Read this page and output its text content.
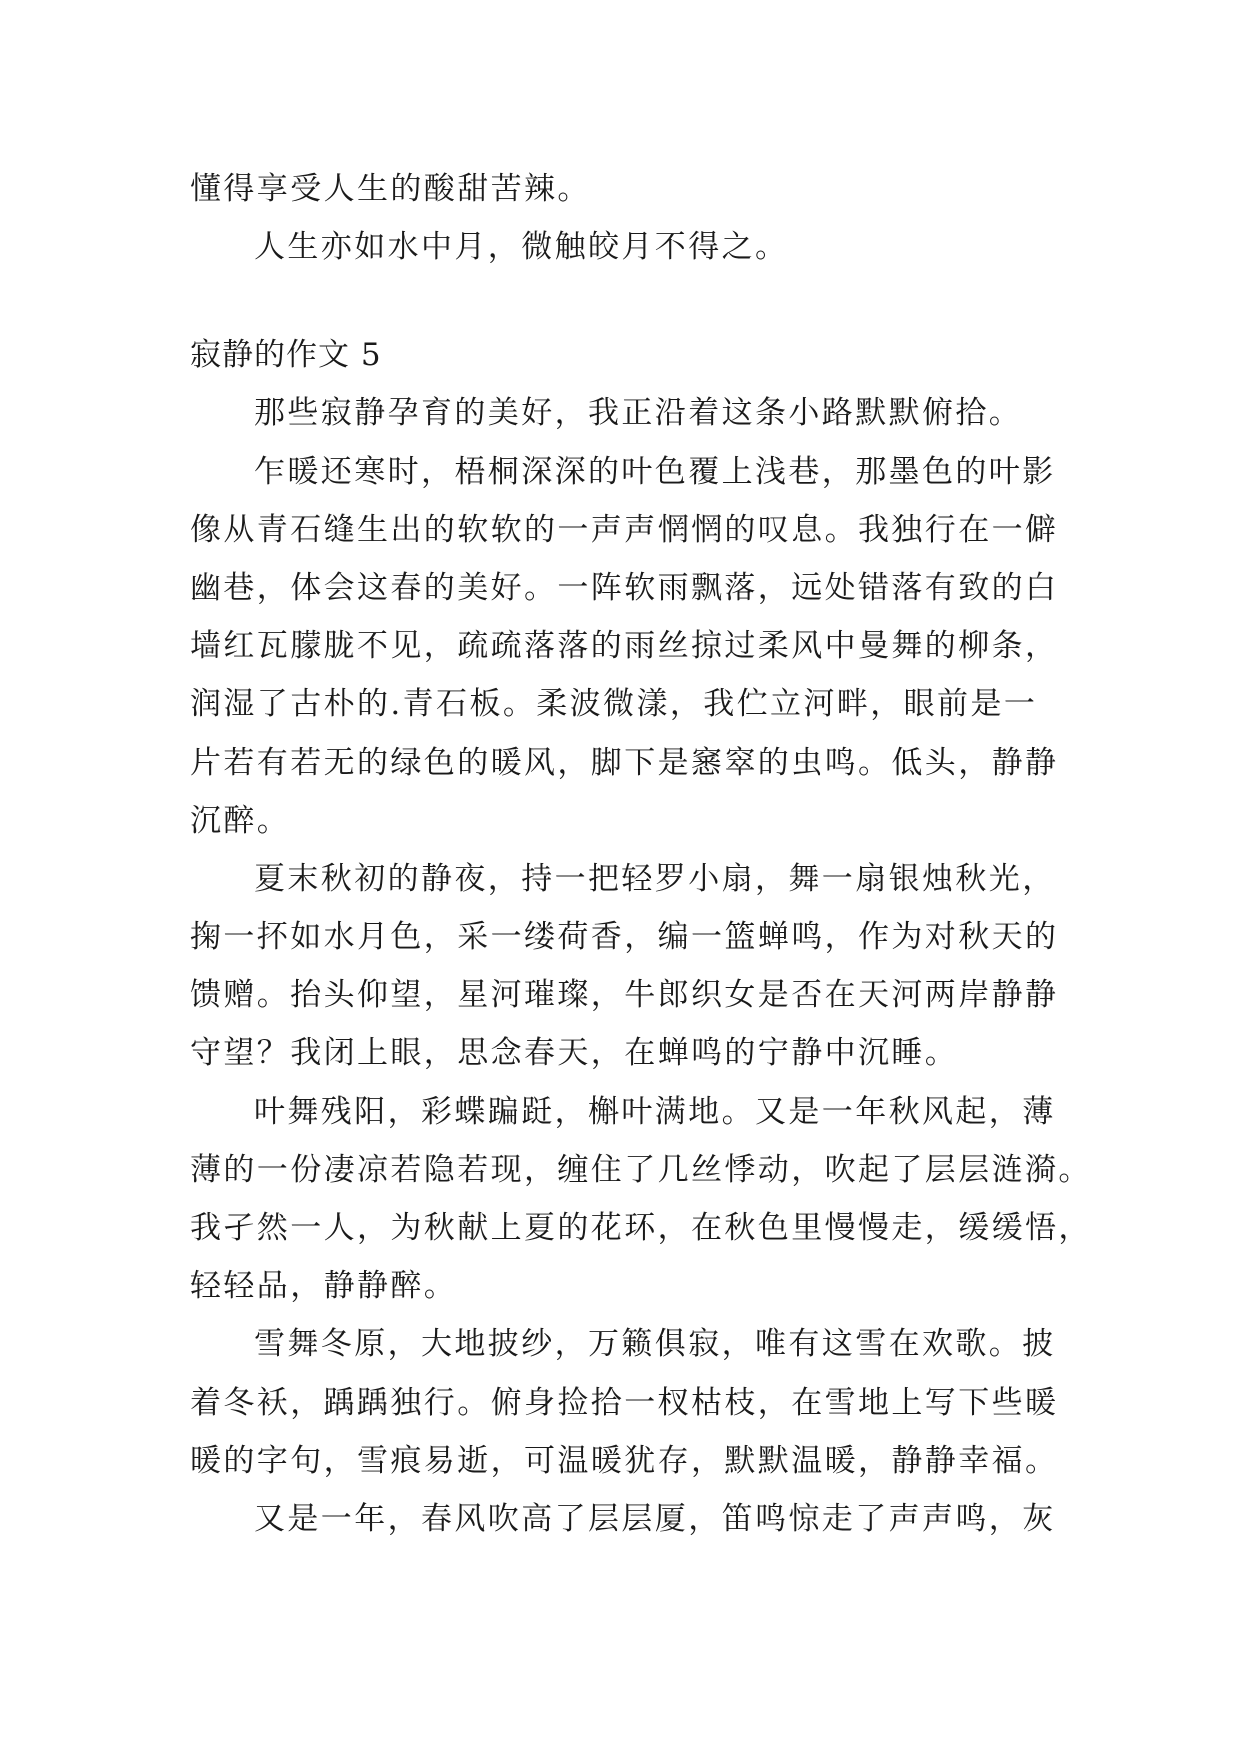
懂得享受人生的酸甜苦辣。
人生亦如水中月，微触皎月不得之。
寂静的作文 5
那些寂静孕育的美好，我正沿着这条小路默默俯拾。
乍暖还寒时，梧桐深深的叶色覆上浅巷，那墨色的叶影
像从青石缝生出的软软的一声声惘惘的叹息。我独行在一僻
幽巷，体会这春的美好。一阵软雨飘落，远处错落有致的白
墙红瓦朦胧不见，疏疏落落的雨丝掠过柔风中曼舞的柳条，
润湿了古朴的.青石板。柔波微漾，我伫立河畔，眼前是一
片若有若无的绿色的暖风，脚下是窸窣的虫鸣。低头，静静
沉醉。
夏末秋初的静夜，持一把轻罗小扇，舞一扇银烛秋光，
掬一抔如水月色，采一缕荷香，编一篮蝉鸣，作为对秋天的
馈赠。抬头仰望，星河璀璨，牛郎织女是否在天河两岸静静
守望？我闭上眼，思念春天，在蝉鸣的宁静中沉睡。
叶舞残阳，彩蝶蹁跹，槲叶满地。又是一年秋风起，薄
薄的一份凄凉若隐若现，缠住了几丝悸动，吹起了层层涟漪。
我孑然一人，为秋献上夏的花环，在秋色里慢慢走，缓缓悟，
轻轻品，静静醉。
雪舞冬原，大地披纱，万籁俱寂，唯有这雪在欢歌。披
着冬袄，踽踽独行。俯身捡拾一杈枯枝，在雪地上写下些暖
暖的字句，雪痕易逝，可温暖犹存，默默温暖，静静幸福。
又是一年，春风吹高了层层厦，笛鸣惊走了声声鸣，灰
